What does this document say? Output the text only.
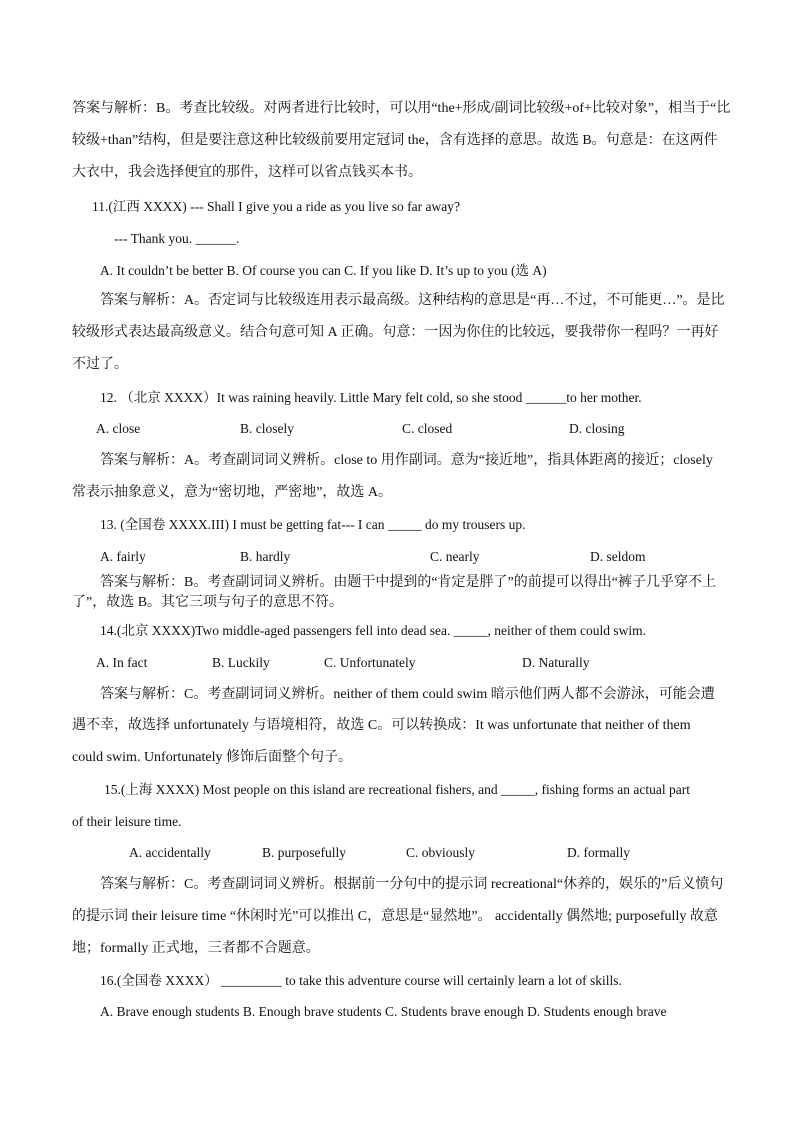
答案与解析：B。考查比较级。对两者进行比较时，可以用“the+形成/副词比较级+of+比较对象”，相当于“比
较级+than”结构，但是要注意这种比较级前要用定冠词 the，含有选择的意思。故选 B。句意是：在这两件
大衣中，我会选择便宜的那件，这样可以省点钱买本书。
11.(江西 XXXX) --- Shall I give you a ride as you live so far away?
--- Thank you. ______.
A. It couldn’t be better B. Of course you can C. If you like D. It’s up to you (选 A)
答案与解析：A。否定词与比较级连用表示最高级。这种结构的意思是“再…不过，不可能更…”。是比
较级形式表达最高级意义。结合句意可知 A 正确。句意：一因为你住的比较远，要我带你一程吗？一再好
不过了。
12. （北京 XXXX）It was raining heavily. Little Mary felt cold, so she stood ______to her mother.
A. close	B. closely	C. closed	D. closing
答案与解析：A。考查副词词义辨析。close to 用作副词。意为“接近地”，指具体距离的接近；closely
常表示抽象意义，意为“密切地，严密地”，故选 A。
13. (全国卷 XXXX.III) I must be getting fat--- I can _____ do my trousers up.
A. fairly	B. hardly	C. nearly	D. seldom
答案与解析：B。考查副词词义辨析。由题干中提到的“肯定是胖了”的前提可以得出“裤子几乎穿不上
了”，故选 B。其它三项与句子的意思不符。
14.(北京 XXXX)Two middle-aged passengers fell into dead sea. _____, neither of them could swim.
A. In fact	B. Luckily	C. Unfortunately	D. Naturally
答案与解析：C。考查副词词义辨析。neither of them could swim 暗示他们两人都不会游泳，可能会遭
遇不幸，故选择 unfortunately 与语境相符，故选 C。可以转换成：It was unfortunate that neither of them
could swim. Unfortunately 修饰后面整个句子。
15.(上海 XXXX) Most people on this island are recreational fishers, and _____, fishing forms an actual part
of their leisure time.
A. accidentally	B. purposefully	C. obviously	D. formally
答案与解析：C。考查副词词义辨析。根据前一分句中的提示词 recreational“休养的，娱乐的”后义愤句
的提示词 their leisure time “休闲时光”可以推出 C，意思是“显然地”。 accidentally 偶然地; purposefully 故意
地；formally 正式地，三者都不合题意。
16.(全国卷 XXXX） _________ to take this adventure course will certainly learn a lot of skills.
A. Brave enough students B. Enough brave students C. Students brave enough D. Students enough brave
